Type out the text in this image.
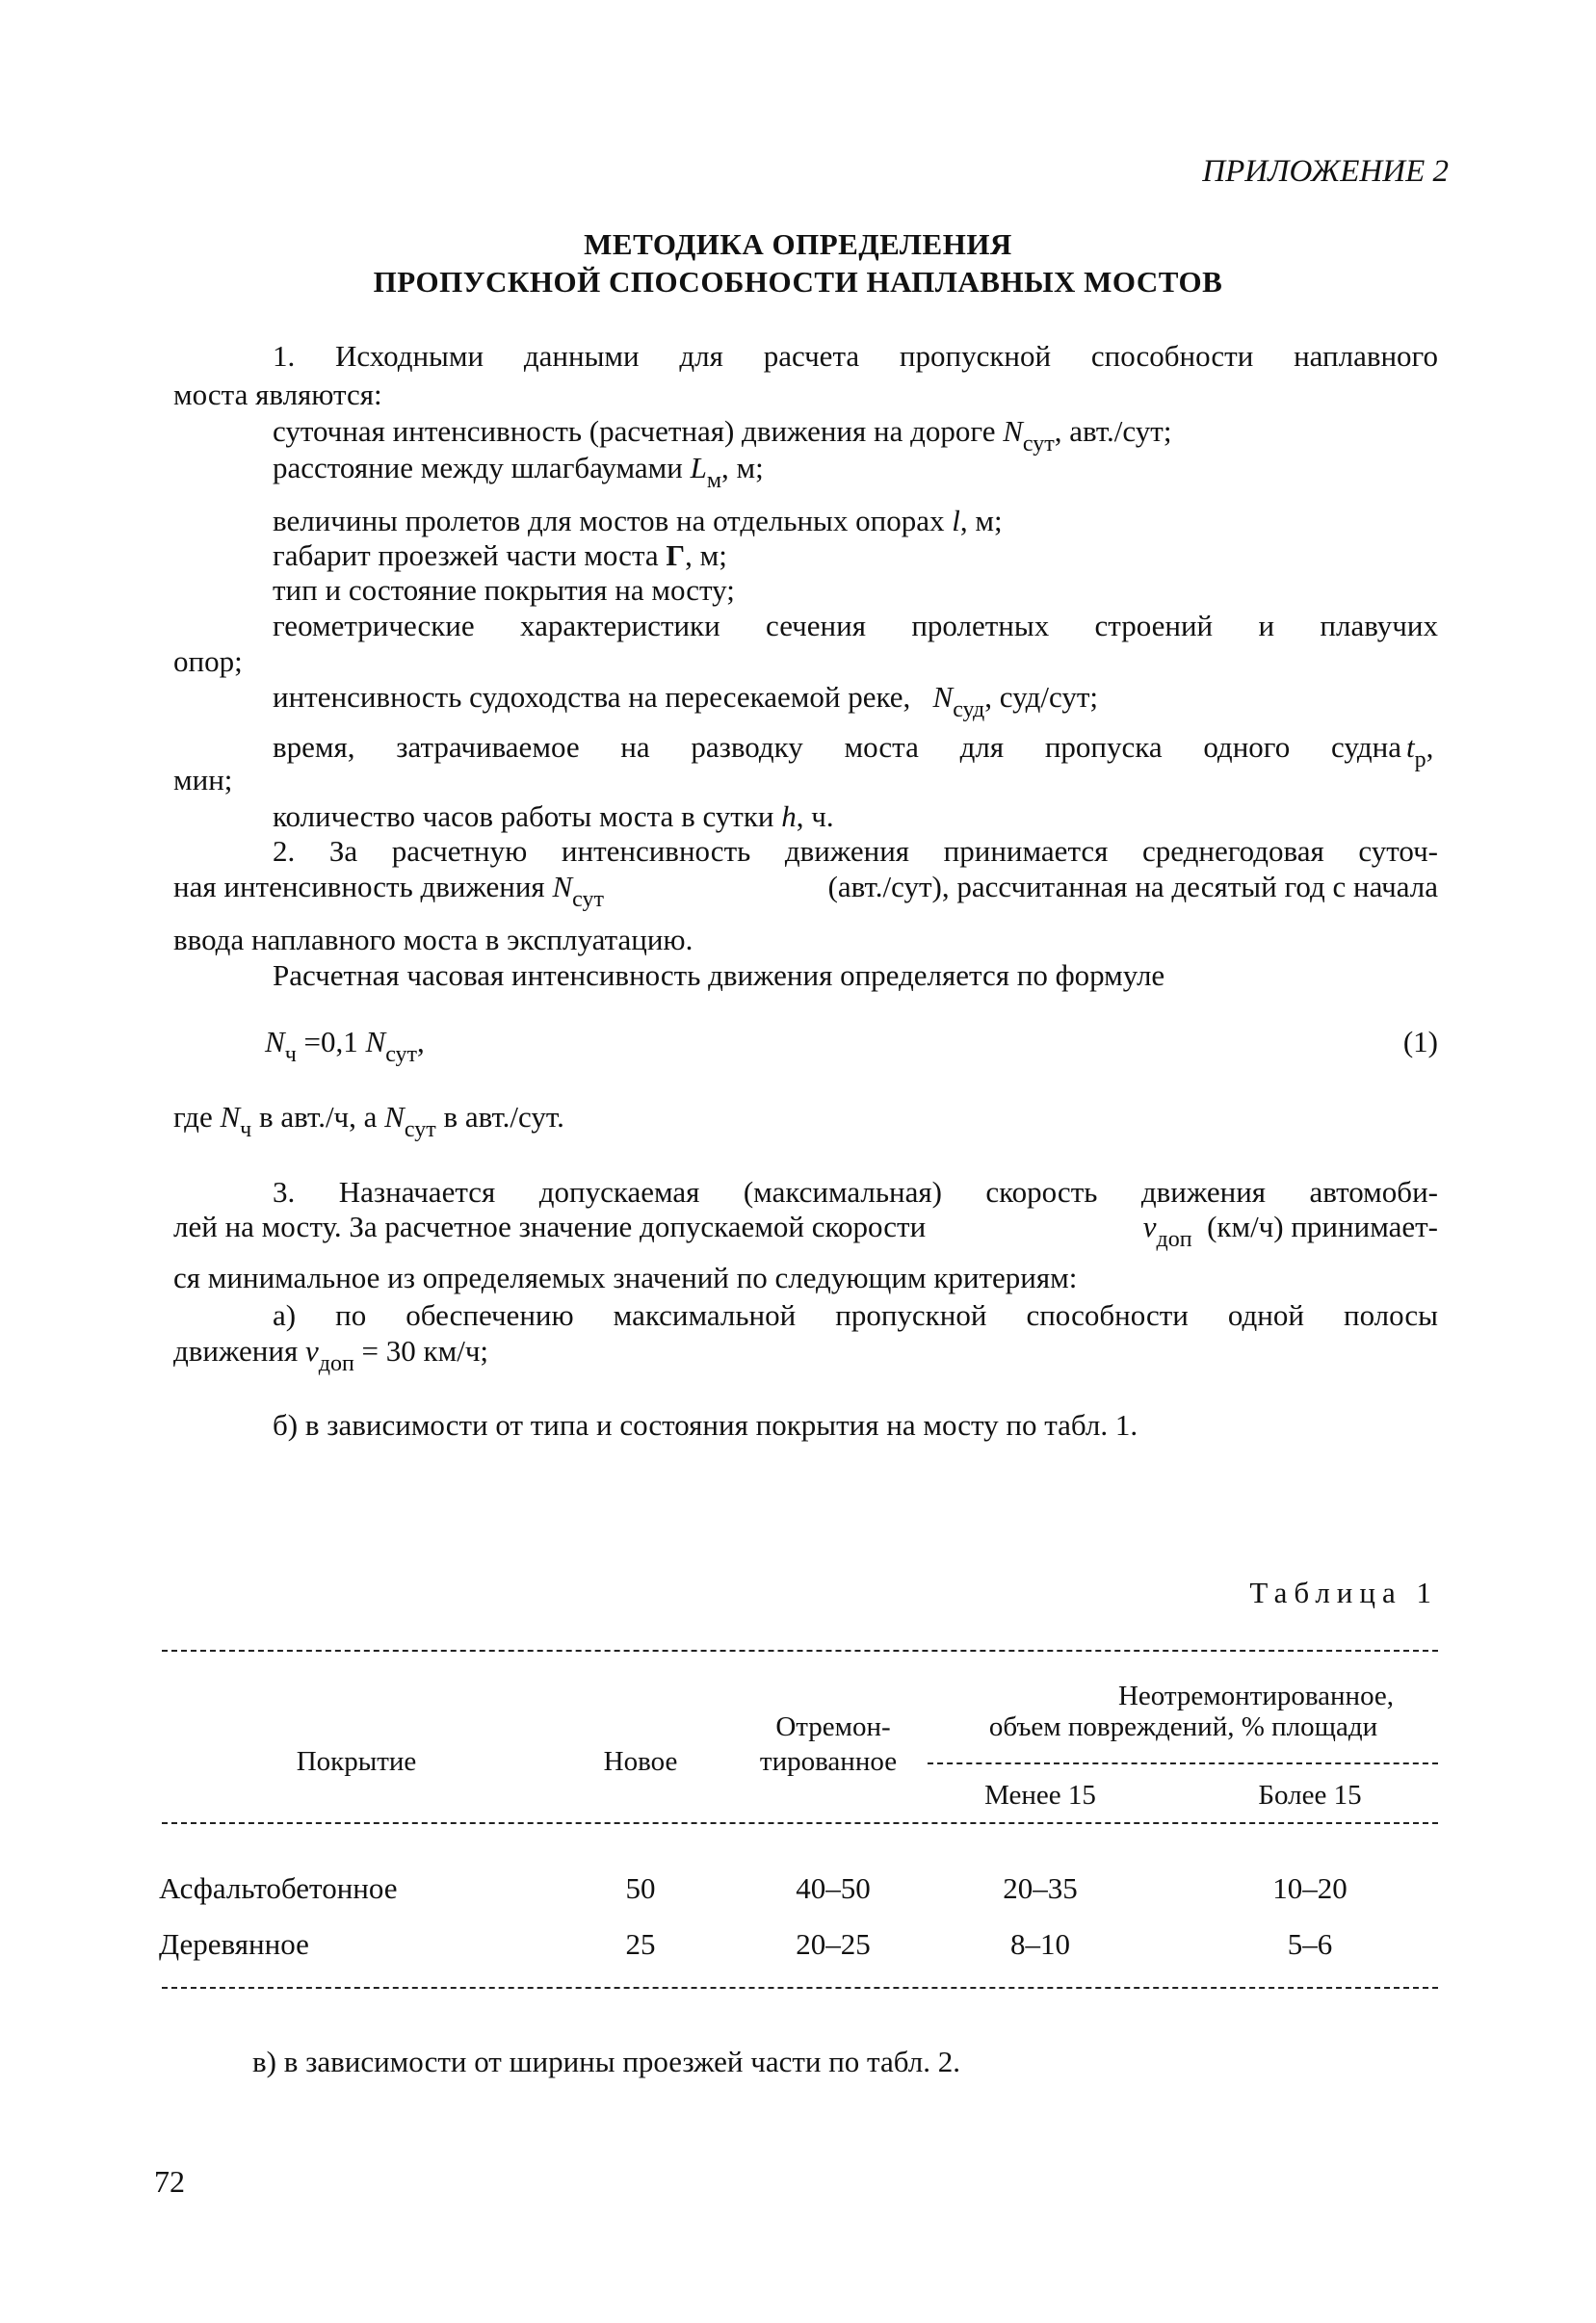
ПРИЛОЖЕНИЕ 2
МЕТОДИКА ОПРЕДЕЛЕНИЯ
ПРОПУСКНОЙ СПОСОБНОСТИ НАПЛАВНЫХ МОСТОВ
1. Исходными данными для расчета пропускной способности наплавного
моста являются:
суточная интенсивность (расчетная) движения на дороге $N_{сут}$, авт./сут;
расстояние между шлагбаумами $L_м$, м;
величины пролетов для мостов на отдельных опорах l, м;
габарит проезжей части моста Г, м;
тип и состояние покрытия на мосту;
геометрические характеристики сечения пролетных строений и плавучих
опор;
интенсивность судоходства на пересекаемой реке, $N_{суд}$, суд/сут;
время, затрачиваемое на разводку моста для пропуска одного судна $t_р$,
мин;
количество часов работы моста в сутки h, ч.
2. За расчетную интенсивность движения принимается среднегодовая суточ-
ная интенсивность движения $N_{сут}$	(авт./сут), рассчитанная на десятый год с начала
ввода наплавного моста в эксплуатацию.
Расчетная часовая интенсивность движения определяется по формуле
$N_ч =0,1$ $N_{сут}$,	(1)
где $N_ч$ в авт./ч, а $N_{сут}$ в авт./сут.
3. Назначается допускаемая (максимальная) скорость движения автомоби-
лей на мосту. За расчетное значение допускаемой скорости	$v_{доп}$ (км/ч) принимает-
ся минимальное из определяемых значений по следующим критериям:
а) по обеспечению максимальной пропускной способности одной полосы
движения $v_{доп} = 30$ км/ч;
б) в зависимости от типа и состояния покрытия на мосту по табл. 1.
Таблица 1
Неотремонтированное,
объем повреждений, % площади
Отремон-
тированное
Покрытие	Новое
Менее 15	Более 15
Асфальтобетонное	50	40–50	20–35	10–20
Деревянное	25	20–25	8–10	5–6
в) в зависимости от ширины проезжей части по табл. 2.
72
